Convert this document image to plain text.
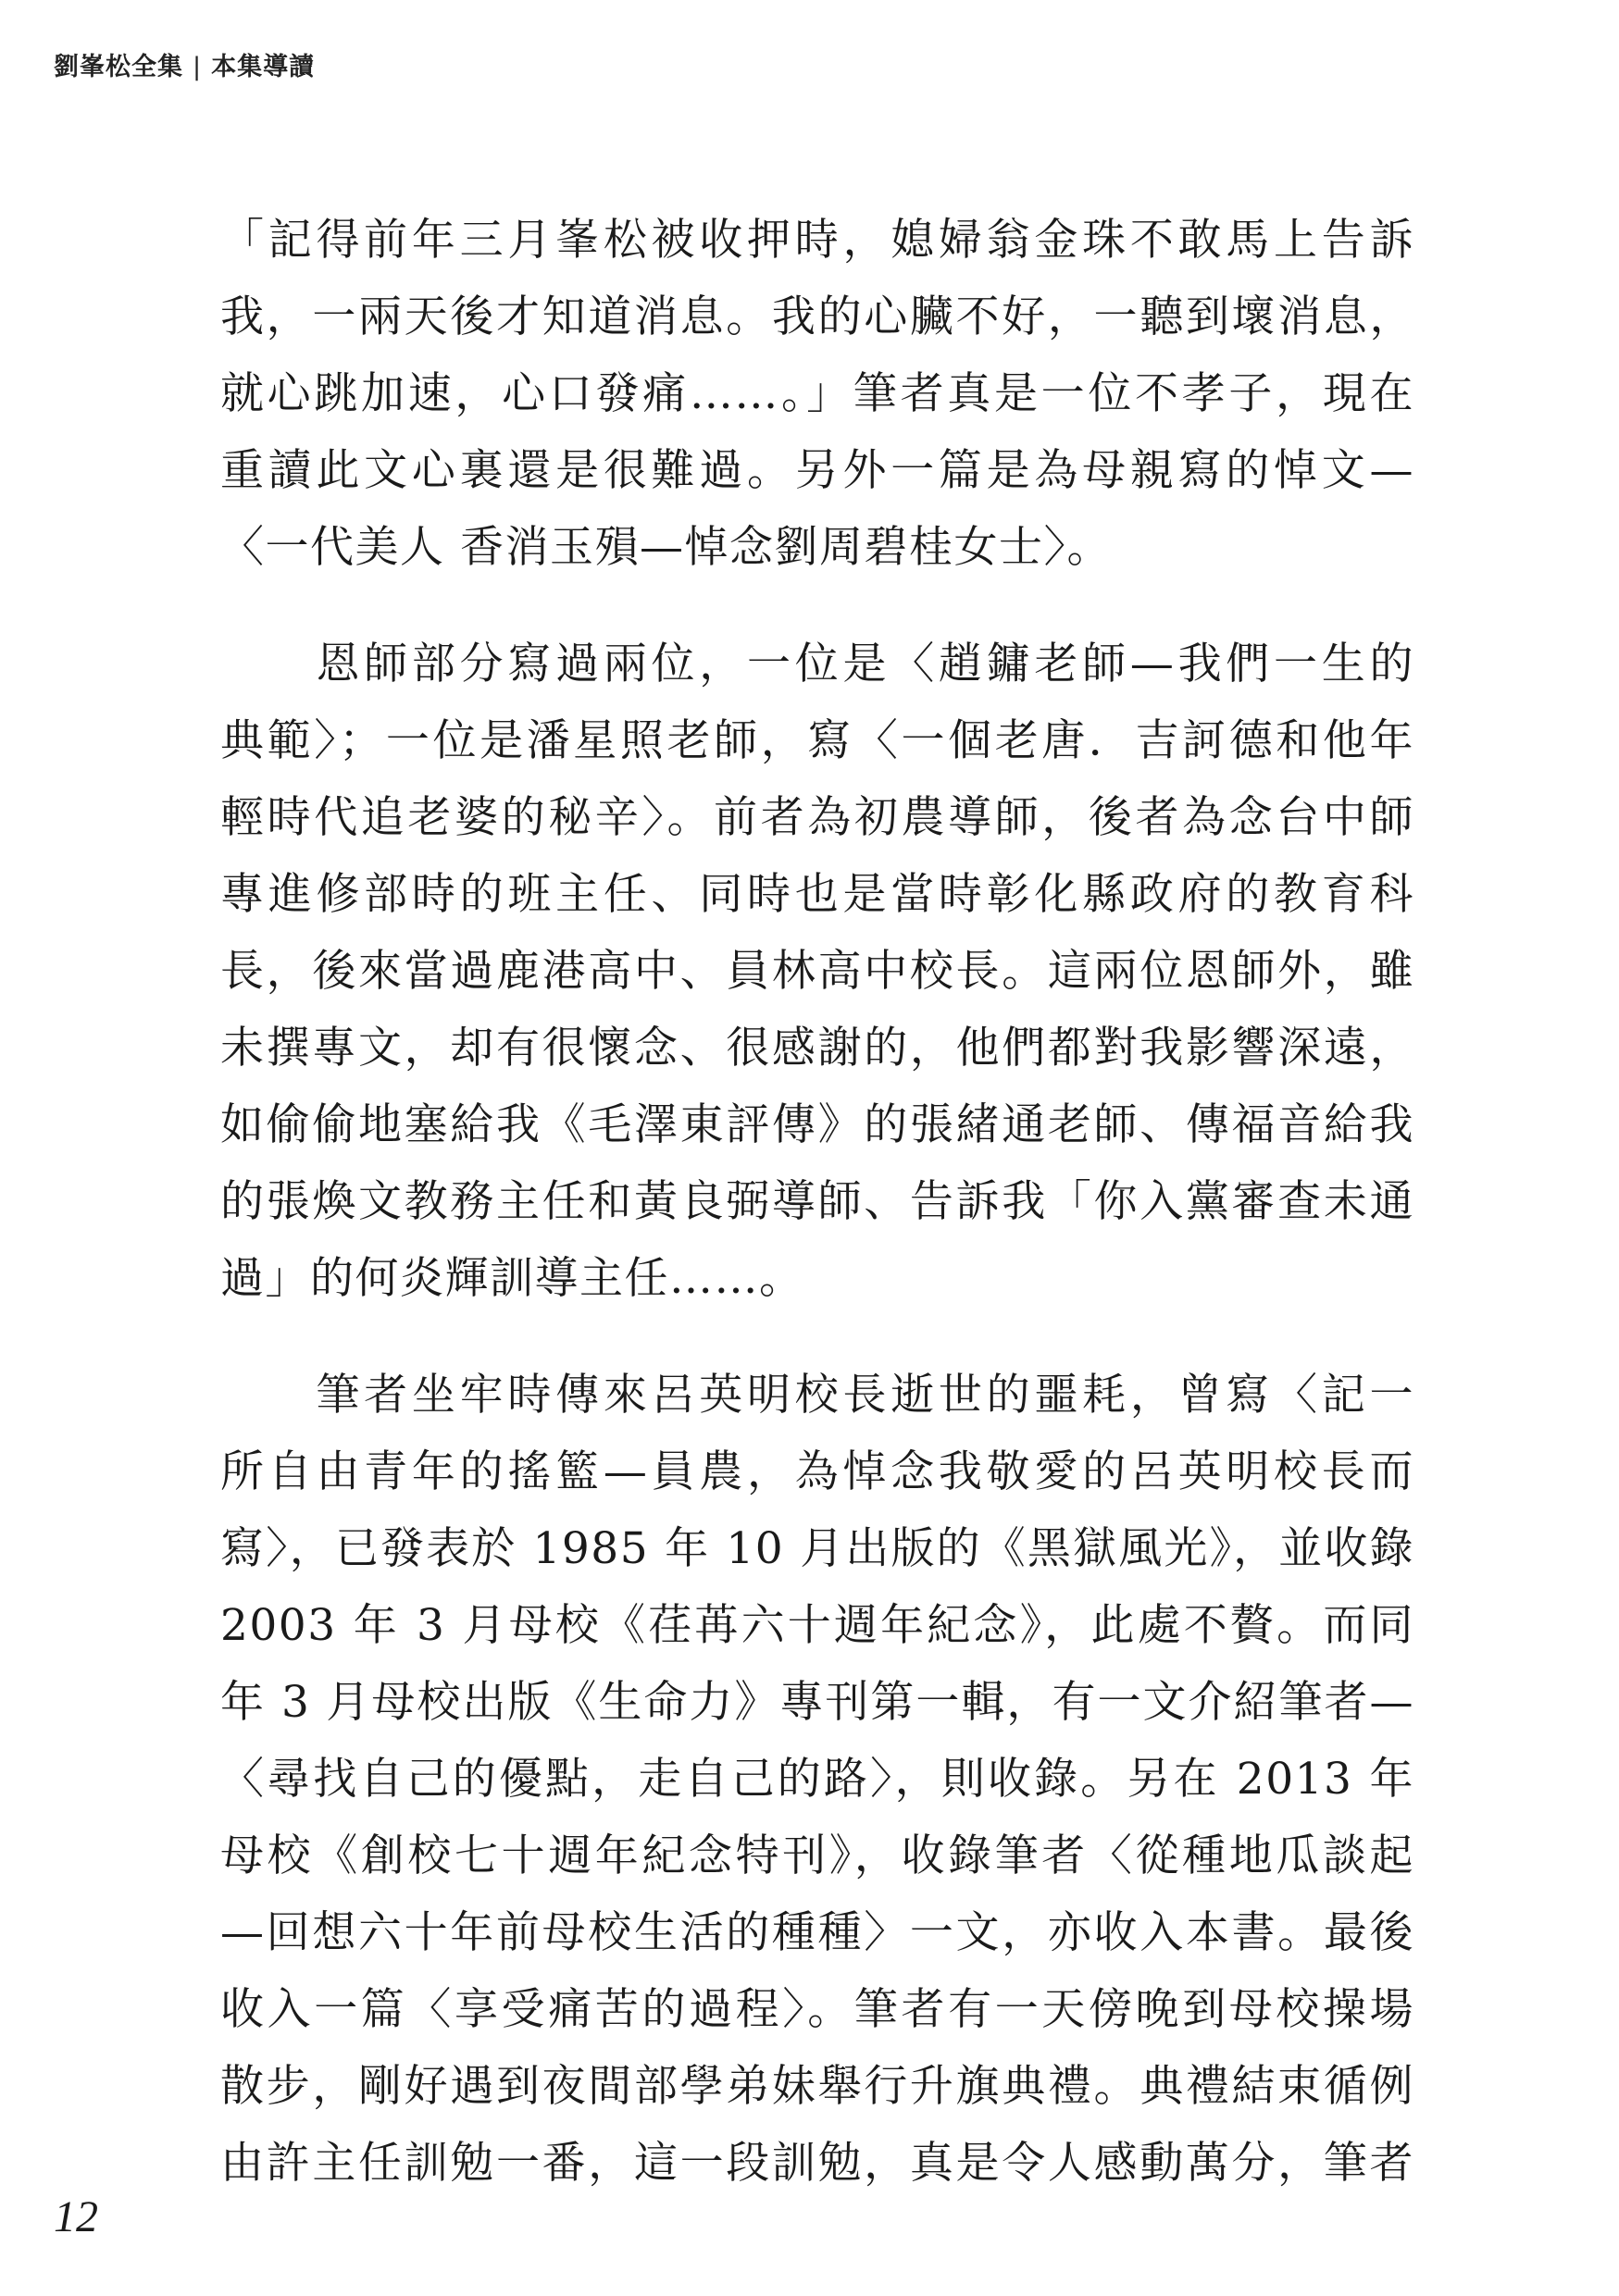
劉峯松全集 | 本集導讀
「記得前年三月峯松被收押時，媳婦翁金珠不敢馬上告訴
我，一兩天後才知道消息。我的心臟不好，一聽到壞消息，
就心跳加速，心口發痛……。」筆者真是一位不孝子，現在
重讀此文心裏還是很難過。另外一篇是為母親寫的悼文—
〈一代美人 香消玉殞—悼念劉周碧桂女士〉。
　　恩師部分寫過兩位，一位是〈趙鏞老師—我們一生的
典範〉；一位是潘星照老師，寫〈一個老唐．吉訶德和他年
輕時代追老婆的秘辛〉。前者為初農導師，後者為念台中師
專進修部時的班主任、同時也是當時彰化縣政府的教育科
長，後來當過鹿港高中、員林高中校長。這兩位恩師外，雖
未撰專文，却有很懷念、很感謝的，他們都對我影響深遠，
如偷偷地塞給我《毛澤東評傳》的張緒通老師、傳福音給我
的張煥文教務主任和黃良弼導師、告訴我「你入黨審查未通
過」的何炎輝訓導主任……。
　　筆者坐牢時傳來呂英明校長逝世的噩耗，曾寫〈記一
所自由青年的搖籃—員農，為悼念我敬愛的呂英明校長而
寫〉，已發表於 1985 年 10 月出版的《黑獄風光》，並收錄
2003 年 3 月母校《荏苒六十週年紀念》，此處不贅。而同
年 3 月母校出版《生命力》專刊第一輯，有一文介紹筆者—
〈尋找自己的優點，走自己的路〉，則收錄。另在 2013 年
母校《創校七十週年紀念特刊》，收錄筆者〈從種地瓜談起
—回想六十年前母校生活的種種〉一文，亦收入本書。最後
收入一篇〈享受痛苦的過程〉。筆者有一天傍晚到母校操場
散步，剛好遇到夜間部學弟妹舉行升旗典禮。典禮結束循例
由許主任訓勉一番，這一段訓勉，真是令人感動萬分，筆者
12
